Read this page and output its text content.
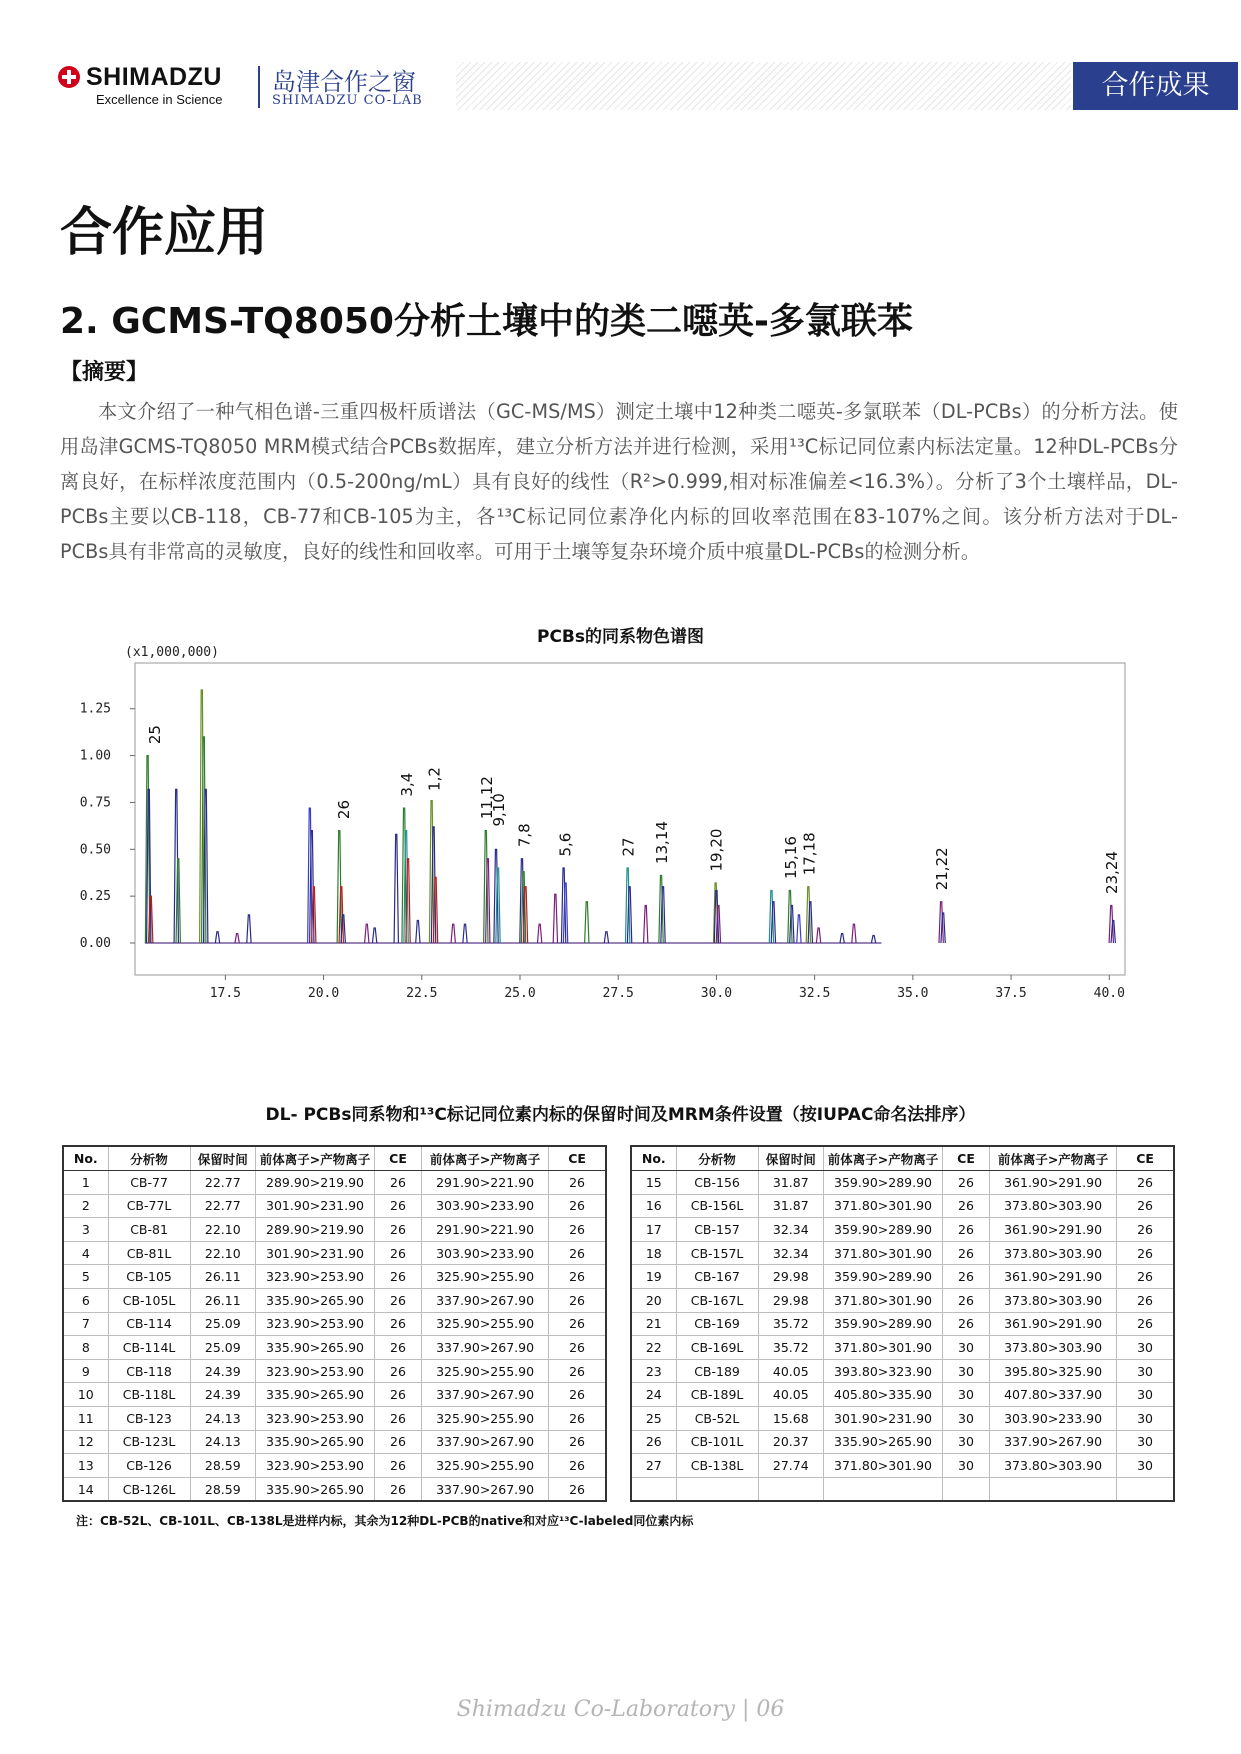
SHIMADZU
Excellence in Science
岛津合作之窗
SHIMADZU CO-LAB	合作成果
合作应用
2. GCMS-TQ8050分析土壤中的类二噁英-多氯联苯
【摘要】

本文介绍了一种气相色谱-三重四极杆质谱法（GC-MS/MS）测定土壤中12种类二噁英-多氯联苯（DL-PCBs）的分析方法。使用岛津GCMS-TQ8050 MRM模式结合PCBs数据库，建立分析方法并进行检测，采用¹³C标记同位素内标法定量。12种DL-PCBs分离良好，在标样浓度范围内（0.5-200ng/mL）具有良好的线性（R²>0.999,相对标准偏差<16.3%）。分析了3个土壤样品，DL-PCBs主要以CB-118，CB-77和CB-105为主，各¹³C标记同位素净化内标的回收率范围在83-107%之间。该分析方法对于DL-PCBs具有非常高的灵敏度，良好的线性和回收率。可用于土壤等复杂环境介质中痕量DL-PCBs的检测分析。

PCBs的同系物色谱图
(x1,000,000)
17.5	20.0	22.5	25.0	27.5	30.0	32.5	35.0	37.5	40.0
0.00
0.25
0.50
0.75
1.00
1.25
25
26
3,4 1,2 11,12
9,10
7,8 5,6	27 13,14 19,20	15,16 17,18	21,22	23,24
DL- PCBs同系物和¹³C标记同位素内标的保留时间及MRM条件设置（按IUPAC命名法排序）
No.	分析物	保留时间	前体离子>产物离子	CE	前体离子>产物离子	CE
1	CB-77	22.77	289.90>219.90	26	291.90>221.90	26
2	CB-77L	22.77	301.90>231.90	26	303.90>233.90	26
3	CB-81	22.10	289.90>219.90	26	291.90>221.90	26
4	CB-81L	22.10	301.90>231.90	26	303.90>233.90	26
5	CB-105	26.11	323.90>253.90	26	325.90>255.90	26
6	CB-105L	26.11	335.90>265.90	26	337.90>267.90	26
7	CB-114	25.09	323.90>253.90	26	325.90>255.90	26
8	CB-114L	25.09	335.90>265.90	26	337.90>267.90	26
9	CB-118	24.39	323.90>253.90	26	325.90>255.90	26
10	CB-118L	24.39	335.90>265.90	26	337.90>267.90	26
11	CB-123	24.13	323.90>253.90	26	325.90>255.90	26
12	CB-123L	24.13	335.90>265.90	26	337.90>267.90	26
13	CB-126	28.59	323.90>253.90	26	325.90>255.90	26
14	CB-126L	28.59	335.90>265.90	26	337.90>267.90	26
No.	分析物	保留时间	前体离子>产物离子	CE	前体离子>产物离子	CE
15	CB-156	31.87	359.90>289.90	26	361.90>291.90	26
16	CB-156L	31.87	371.80>301.90	26	373.80>303.90	26
17	CB-157	32.34	359.90>289.90	26	361.90>291.90	26
18	CB-157L	32.34	371.80>301.90	26	373.80>303.90	26
19	CB-167	29.98	359.90>289.90	26	361.90>291.90	26
20	CB-167L	29.98	371.80>301.90	26	373.80>303.90	26
21	CB-169	35.72	359.90>289.90	26	361.90>291.90	26
22	CB-169L	35.72	371.80>301.90	30	373.80>303.90	30
23	CB-189	40.05	393.80>323.90	30	395.80>325.90	30
24	CB-189L	40.05	405.80>335.90	30	407.80>337.90	30
25	CB-52L	15.68	301.90>231.90	30	303.90>233.90	30
26	CB-101L	20.37	335.90>265.90	30	337.90>267.90	30
27	CB-138L	27.74	371.80>301.90	30	373.80>303.90	30

注：CB-52L、CB-101L、CB-138L是进样内标，其余为12种DL-PCB的native和对应¹³C-labeled同位素内标
Shimadzu Co-Laboratory | 06
